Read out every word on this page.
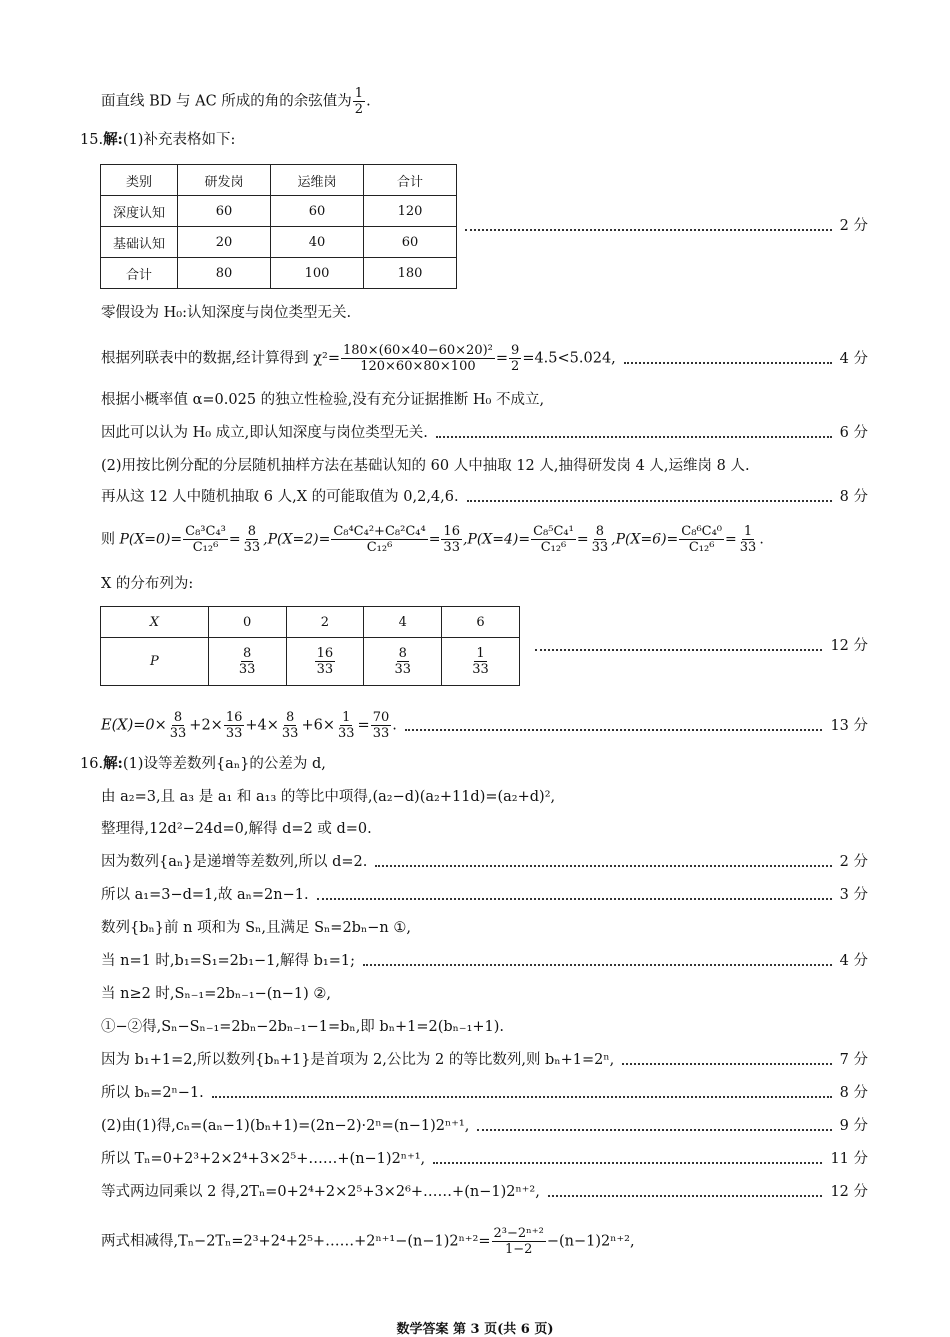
面直线 BD 与 AC 所成的角的余弦值为 $\frac{1}{2}$ .
15.解:(1)补充表格如下:
类别	研发岗	运维岗	合计
深度认知	60	60	120
基础认知	20	40	60
合计	80	100	180
2 分
零假设为 H₀:认知深度与岗位类型无关.
根据列联表中的数据,经计算得到 $\chi^2= \frac{\text{180×(60×40−60×20)²}}{120\times 60\times 80\times 100} = \frac{9}{2} =4.5<5.024$,	4 分
根据小概率值 α=0.025 的独立性检验,没有充分证据推断 H₀ 不成立,
因此可以认为 H₀ 成立,即认知深度与岗位类型无关.	6 分
(2)用按比例分配的分层随机抽样方法在基础认知的 60 人中抽取 12 人,抽得研发岗 4 人,运维岗 8 人.
再从这 12 人中随机抽取 6 人,X 的可能取值为 0,2,4,6.	8 分
则 $P(X=0)= \frac{\text{C₈³C₄³}}{\text{C₁₂⁶}} = \frac{8}{33} ,P(X=2)= \frac{\text{C₈⁴C₄²+C₈²C₄⁴}}{\text{C₁₂⁶}} = \frac{16}{33} ,P(X=4)= \frac{\text{C₈⁵C₄¹}}{\text{C₁₂⁶}} = \frac{8}{33} ,P(X=6)= \frac{\text{C₈⁶C₄⁰}}{\text{C₁₂⁶}} = \frac{1}{33}$ .
X 的分布列为:
X	0	2	4	6
P	$\frac{8}{33}$	$\frac{16}{33}$	$\frac{8}{33}$	$\frac{1}{33}$	12 分
$E(X)=0\times \frac{8}{33} +2\times \frac{16}{33} +4\times \frac{8}{33} +6\times \frac{1}{33} = \frac{70}{33}$ .	13 分
16.解:(1)设等差数列{aₙ}的公差为 d,
由 a₂=3,且 a₃ 是 a₁ 和 a₁₃ 的等比中项得,(a₂−d)(a₂+11d)=(a₂+d)²,
整理得,12d²−24d=0,解得 d=2 或 d=0.
因为数列{aₙ}是递增等差数列,所以 d=2.	2 分
所以 a₁=3−d=1,故 aₙ=2n−1.	3 分
数列{bₙ}前 n 项和为 Sₙ,且满足 Sₙ=2bₙ−n ①,
当 n=1 时,b₁=S₁=2b₁−1,解得 b₁=1;	4 分
当 n≥2 时,Sₙ₋₁=2bₙ₋₁−(n−1) ②,
①−②得,Sₙ−Sₙ₋₁=2bₙ−2bₙ₋₁−1=bₙ,即 bₙ+1=2(bₙ₋₁+1).
因为 b₁+1=2,所以数列{bₙ+1}是首项为 2,公比为 2 的等比数列,则 bₙ+1=2ⁿ,	7 分
所以 bₙ=2ⁿ−1.	8 分
(2)由(1)得,cₙ=(aₙ−1)(bₙ+1)=(2n−2)·2ⁿ=(n−1)2ⁿ⁺¹,	9 分
所以 Tₙ=0+2³+2×2⁴+3×2⁵+……+(n−1)2ⁿ⁺¹,	11 分
等式两边同乘以 2 得,2Tₙ=0+2⁴+2×2⁵+3×2⁶+……+(n−1)2ⁿ⁺²,	12 分
两式相减得,Tₙ−2Tₙ=2³+2⁴+2⁵+……+2ⁿ⁺¹−(n−1)2ⁿ⁺²= $\frac{\text{2³−2ⁿ⁺²}}{1-2} -(n-1)2^{n+2}$,
数学答案 第 3 页(共 6 页)
